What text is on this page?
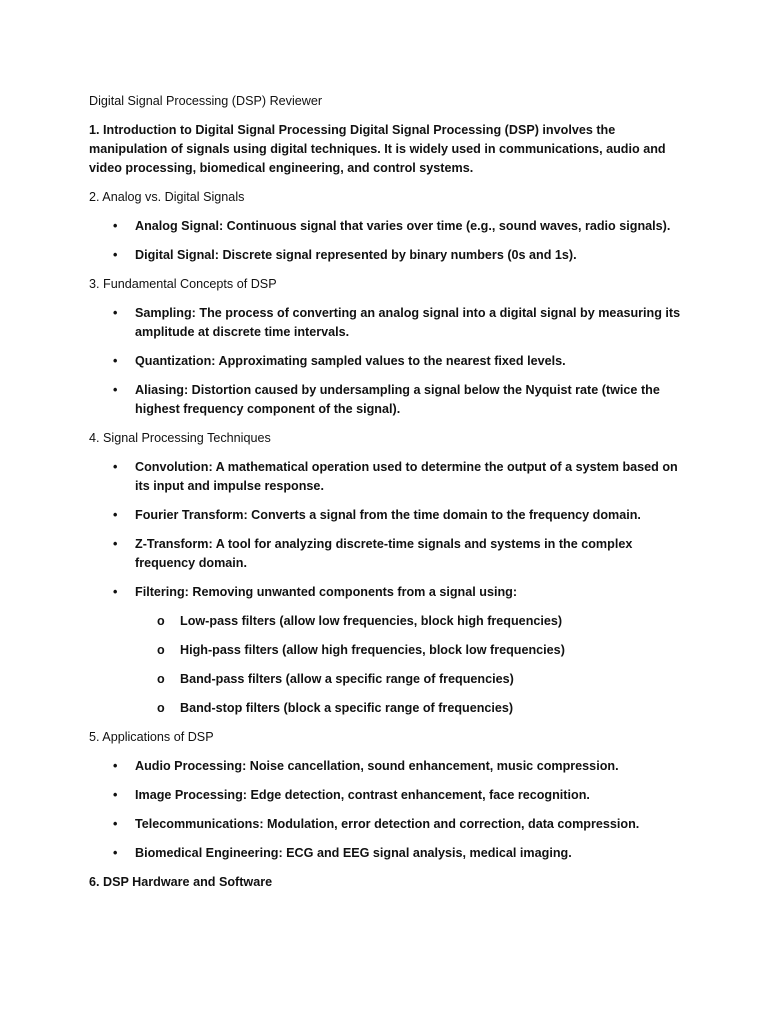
Digital Signal Processing (DSP) Reviewer

1. Introduction to Digital Signal Processing Digital Signal Processing (DSP) involves the manipulation of signals using digital techniques. It is widely used in communications, audio and video processing, biomedical engineering, and control systems.

2. Analog vs. Digital Signals

• Analog Signal: Continuous signal that varies over time (e.g., sound waves, radio signals).
• Digital Signal: Discrete signal represented by binary numbers (0s and 1s).

3. Fundamental Concepts of DSP

• Sampling: The process of converting an analog signal into a digital signal by measuring its amplitude at discrete time intervals.
• Quantization: Approximating sampled values to the nearest fixed levels.
• Aliasing: Distortion caused by undersampling a signal below the Nyquist rate (twice the highest frequency component of the signal).

4. Signal Processing Techniques

• Convolution: A mathematical operation used to determine the output of a system based on its input and impulse response.
• Fourier Transform: Converts a signal from the time domain to the frequency domain.
• Z-Transform: A tool for analyzing discrete-time signals and systems in the complex frequency domain.
• Filtering: Removing unwanted components from a signal using:
o Low-pass filters (allow low frequencies, block high frequencies)
o High-pass filters (allow high frequencies, block low frequencies)
o Band-pass filters (allow a specific range of frequencies)
o Band-stop filters (block a specific range of frequencies)

5. Applications of DSP

• Audio Processing: Noise cancellation, sound enhancement, music compression.
• Image Processing: Edge detection, contrast enhancement, face recognition.
• Telecommunications: Modulation, error detection and correction, data compression.
• Biomedical Engineering: ECG and EEG signal analysis, medical imaging.

6. DSP Hardware and Software
